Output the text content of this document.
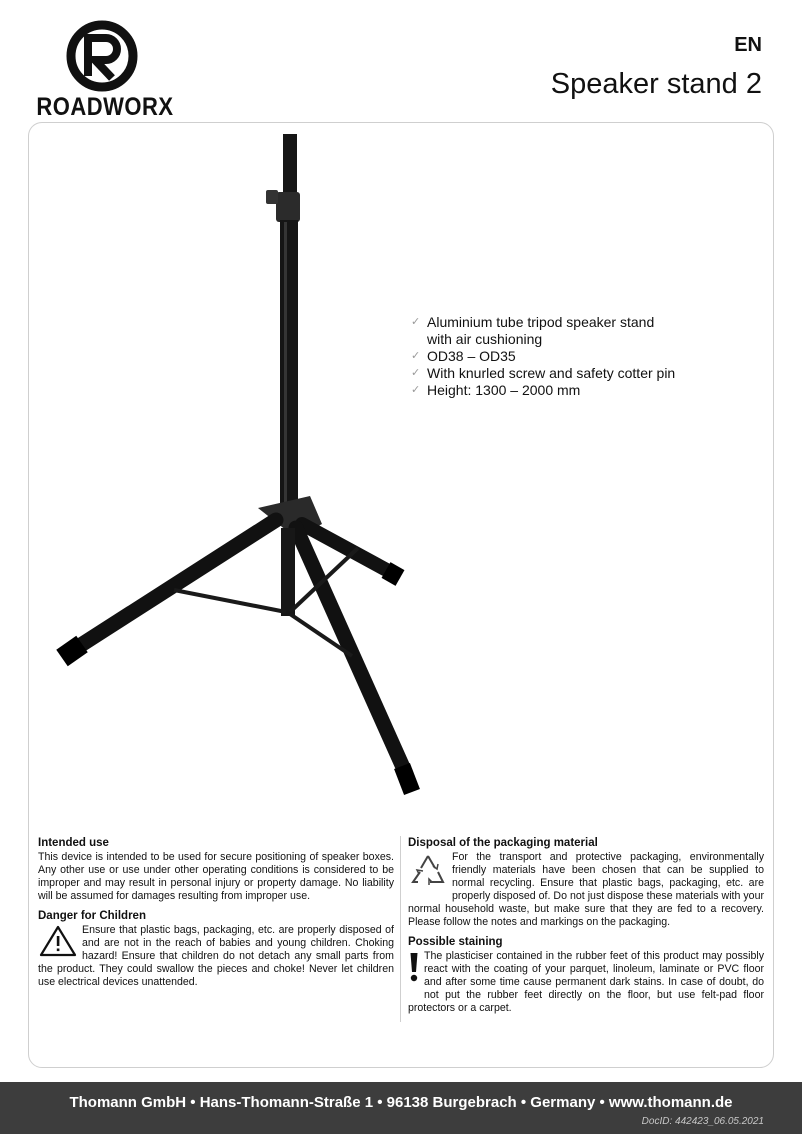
ROADWORX
EN
Speaker stand 2
✓ Aluminium tube tripod speaker stand
with air cushioning
✓ OD38 – OD35
✓ With knurled screw and safety cotter pin
✓ Height: 1300 – 2000 mm
Intended use
This device is intended to be used for secure positioning of speaker boxes. Any other use or use under other operating conditions is considered to be improper and may result in personal injury or property damage. No liability will be assumed for damages resulting from improper use.
Danger for Children
Ensure that plastic bags, packaging, etc. are properly disposed of and are not in the reach of babies and young children. Choking hazard! Ensure that children do not detach any small parts from the product. They could swallow the pieces and choke! Never let children use electrical devices unattended.
Disposal of the packaging material
For the transport and protective packaging, environmentally friendly materials have been chosen that can be supplied to normal recycling. Ensure that plastic bags, packaging, etc. are properly disposed of. Do not just dispose these materials with your normal household waste, but make sure that they are fed to a recovery. Please follow the notes and markings on the packaging.
Possible staining
The plasticiser contained in the rubber feet of this product may possibly react with the coating of your parquet, linoleum, laminate or PVC floor and after some time cause permanent dark stains. In case of doubt, do not put the rubber feet directly on the floor, but use felt-pad floor protectors or a carpet.
Thomann GmbH • Hans-Thomann-Straße 1 • 96138 Burgebrach • Germany • www.thomann.de
DocID: 442423_06.05.2021
